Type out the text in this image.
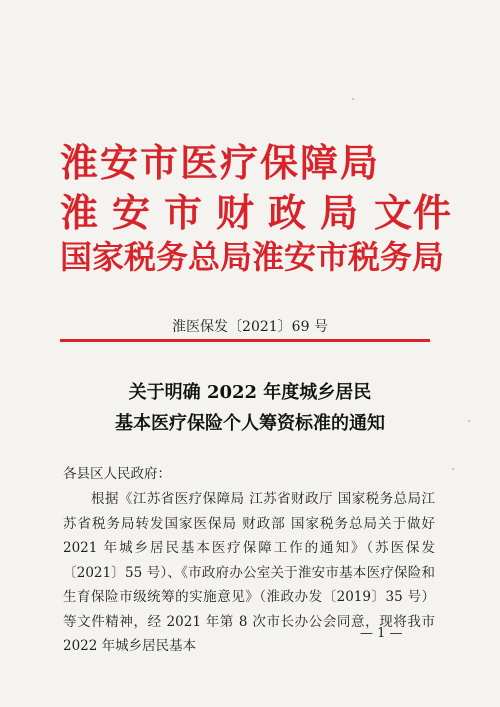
淮安市医疗保障局
淮安市财政局 文件
国家税务总局淮安市税务局
淮医保发〔2021〕69 号
关于明确 2022 年度城乡居民
基本医疗保险个人筹资标准的通知
各县区人民政府：
根据《江苏省医疗保障局 江苏省财政厅 国家税务总局江苏省税务局转发国家医保局 财政部 国家税务总局关于做好 2021 年城乡居民基本医疗保障工作的通知》（苏医保发〔2021〕55 号）、《市政府办公室关于淮安市基本医疗保险和生育保险市级统筹的实施意见》（淮政办发〔2019〕35 号）等文件精神，经 2021 年第 8 次市长办公会同意，现将我市 2022 年城乡居民基本
— 1 —
